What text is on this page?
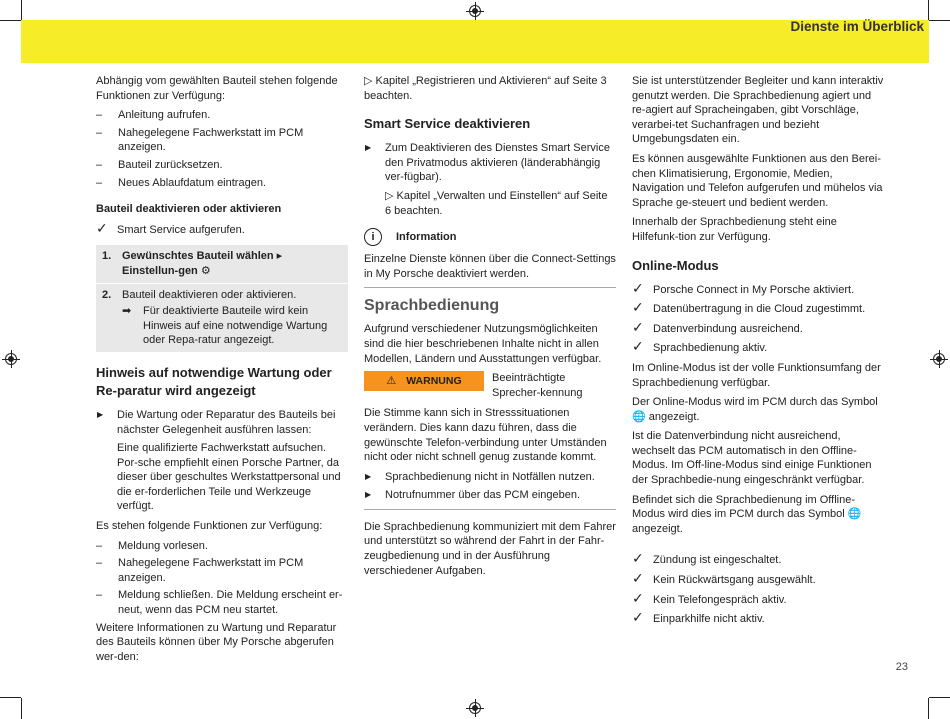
Dienste im Überblick

Abhängig vom gewählten Bauteil stehen folgende Funktionen zur Verfügung:

– Anleitung aufrufen.
– Nahegelegene Fachwerkstatt im PCM anzeigen.
– Bauteil zurücksetzen.
– Neues Ablaufdatum eintragen.
Bauteil deaktivieren oder aktivieren
✓ Smart Service aufgerufen.
1. Gewünschtes Bauteil wählen ▸ Einstellun-gen ⚙
2. Bauteil deaktivieren oder aktivieren.
➡ Für deaktivierte Bauteile wird kein Hinweis auf eine notwendige Wartung oder Repa-ratur angezeigt.
Hinweis auf notwendige Wartung oder Re-paratur wird angezeigt
▶ Die Wartung oder Reparatur des Bauteils bei nächster Gelegenheit ausführen lassen:

Eine qualifizierte Fachwerkstatt aufsuchen. Por-sche empfiehlt einen Porsche Partner, da dieser über geschultes Werkstattpersonal und die er-forderlichen Teile und Werkzeuge verfügt.

Es stehen folgende Funktionen zur Verfügung:

– Meldung vorlesen.
– Nahegelegene Fachwerkstatt im PCM anzeigen.
– Meldung schließen. Die Meldung erscheint er-neut, wenn das PCM neu startet.

Weitere Informationen zu Wartung und Reparatur des Bauteils können über My Porsche abgerufen wer-den:

▷ Kapitel „Registrieren und Aktivieren“ auf Seite 3 beachten.

Smart Service deaktivieren
▶ Zum Deaktivieren des Dienstes Smart Service den Privatmodus aktivieren (länderabhängig ver-fügbar).

▷ Kapitel „Verwalten und Einstellen“ auf Seite 6 beachten.

i	Information

Einzelne Dienste können über die Connect-Settings in My Porsche deaktiviert werden.

Sprachbedienung

Aufgrund verschiedener Nutzungsmöglichkeiten sind die hier beschriebenen Inhalte nicht in allen Modellen, Ländern und Ausstattungen verfügbar.

⚠ WARNUNG	Beeinträchtigte Sprecher-kennung

Die Stimme kann sich in Stresssituationen verändern. Dies kann dazu führen, dass die gewünschte Telefon-verbindung unter Umständen nicht oder nicht schnell genug zustande kommt.

▶ Sprachbedienung nicht in Notfällen nutzen.
▶ Notrufnummer über das PCM eingeben.

Die Sprachbedienung kommuniziert mit dem Fahrer und unterstützt so während der Fahrt in der Fahr-zeugbedienung und in der Ausführung verschiedener Aufgaben.

Sie ist unterstützender Begleiter und kann interaktiv genutzt werden. Die Sprachbedienung agiert und re-agiert auf Spracheingaben, gibt Vorschläge, verarbei-tet Suchanfragen und bezieht Umgebungsdaten ein.

Es können ausgewählte Funktionen aus den Berei-chen Klimatisierung, Ergonomie, Medien, Navigation und Telefon aufgerufen und mühelos via Sprache ge-steuert und bedient werden.

Innerhalb der Sprachbedienung steht eine Hilfefunk-tion zur Verfügung.

Online-Modus
✓ Porsche Connect in My Porsche aktiviert.
✓ Datenübertragung in die Cloud zugestimmt.
✓ Datenverbindung ausreichend.
✓ Sprachbedienung aktiv.

Im Online-Modus ist der volle Funktionsumfang der Sprachbedienung verfügbar.

Der Online-Modus wird im PCM durch das Symbol 🌐 angezeigt.

Ist die Datenverbindung nicht ausreichend, wechselt das PCM automatisch in den Offline-Modus. Im Off-line-Modus sind einige Funktionen der Sprachbedie-nung eingeschränkt verfügbar.

Befindet sich die Sprachbedienung im Offline-Modus wird dies im PCM durch das Symbol 🌐 angezeigt.

✓ Zündung ist eingeschaltet.
✓ Kein Rückwärtsgang ausgewählt.
✓ Kein Telefongespräch aktiv.
✓ Einparkhilfe nicht aktiv.
23
